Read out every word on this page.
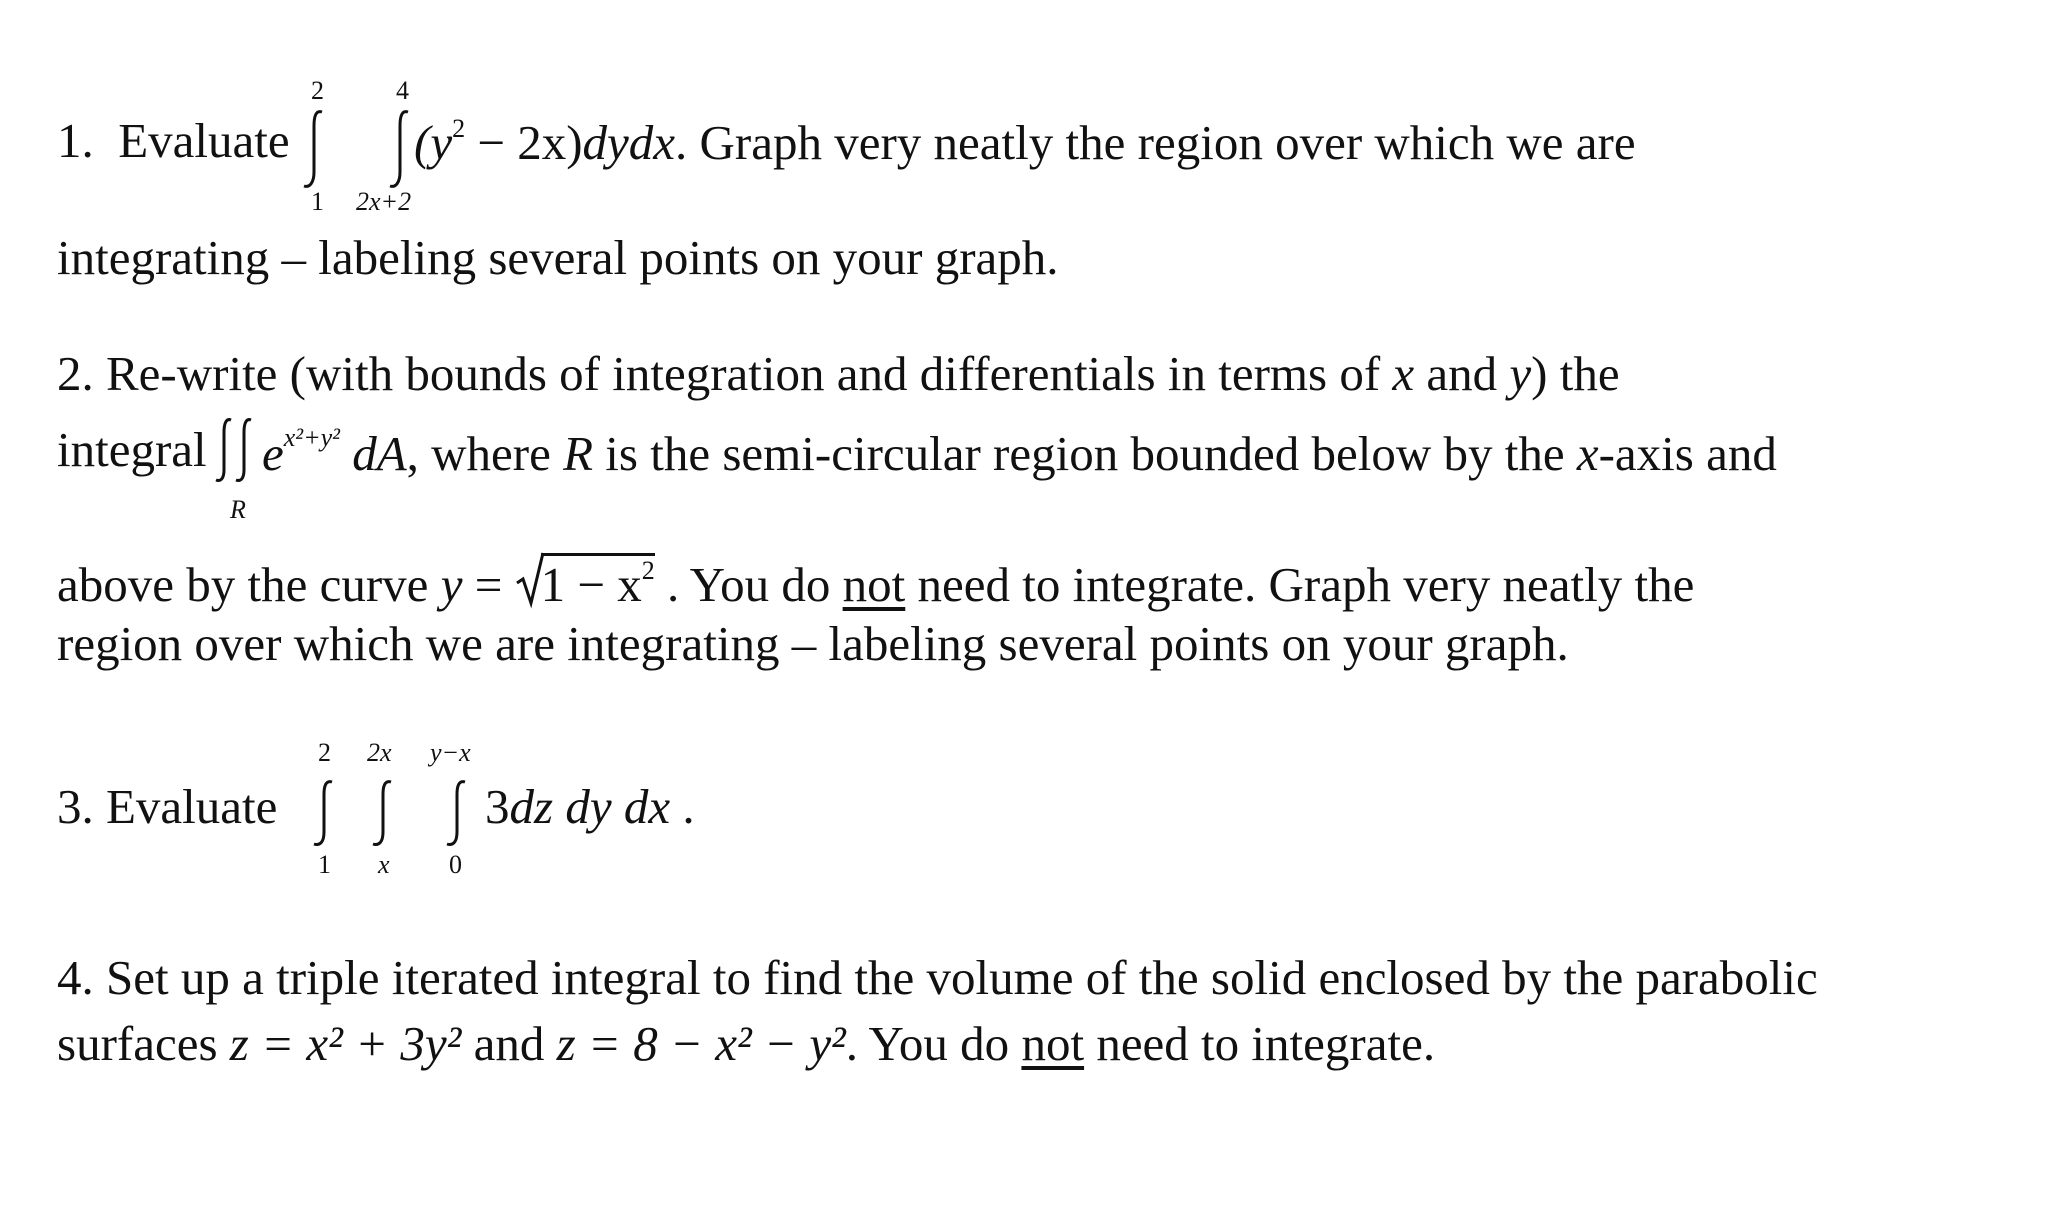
1. Evaluate
2
1
4
2x+2
($y^2$ − 2x)dydx. Graph very neatly the region over which we are
integrating – labeling several points on your graph.
2. Re-write (with bounds of integration and differentials in terms of x and y) the
integral
R
$e^{x^2+y^2}$ dA, where R is the semi-circular region bounded below by the x-axis and
above by the curve y =
$1 - x^2$ . You do not need to integrate. Graph very neatly the
region over which we are integrating – labeling several points on your graph.
3. Evaluate
2
1
2x
x
y−x
0
3dz dy dx .
4. Set up a triple iterated integral to find the volume of the solid enclosed by the parabolic
surfaces z = x² + 3y² and z = 8 − x² − y². You do not need to integrate.
